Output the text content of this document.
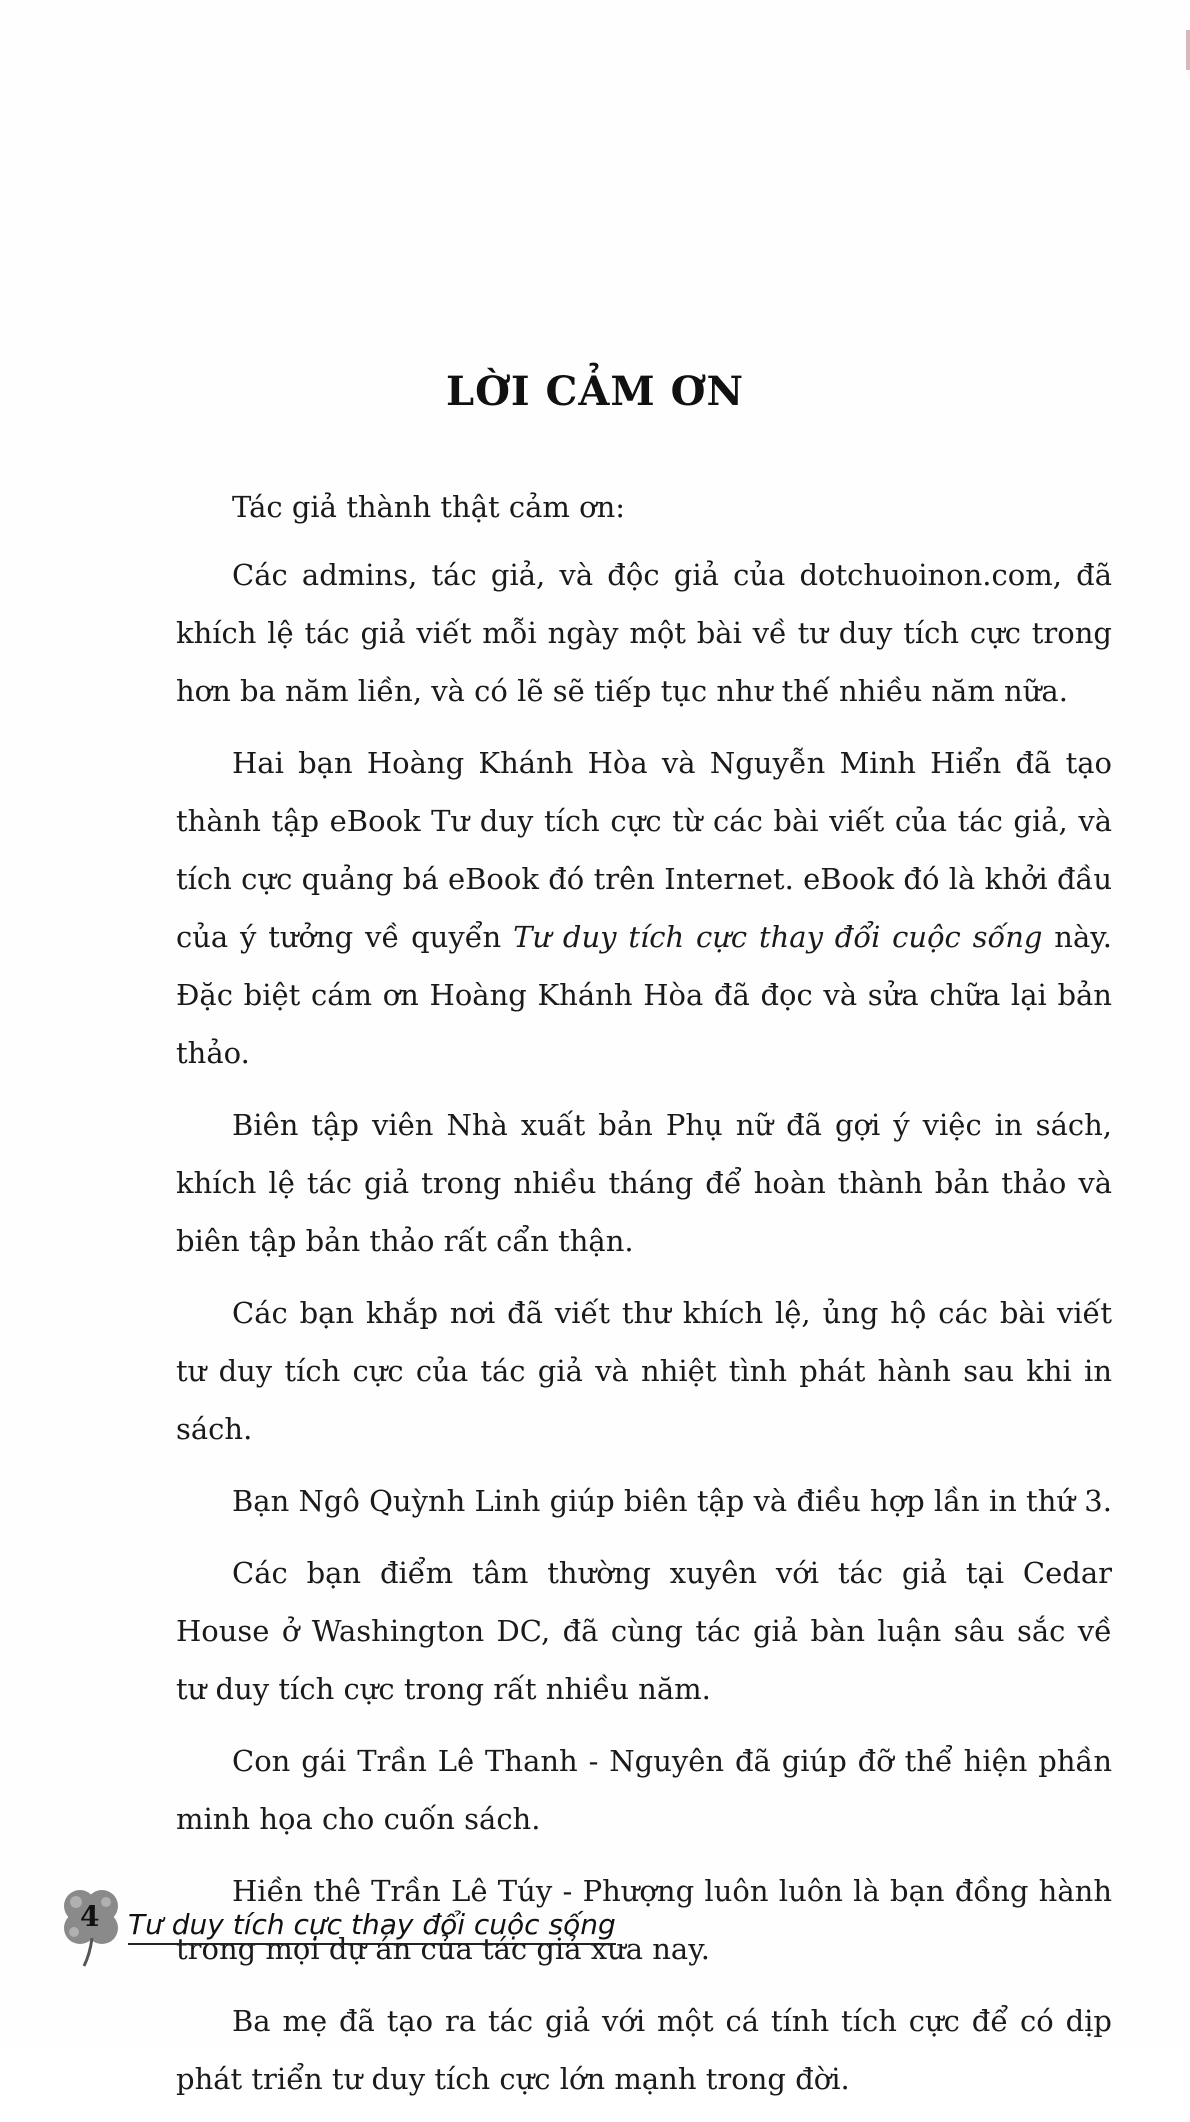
LỜI CẢM ƠN

Tác giả thành thật cảm ơn:

Các admins, tác giả, và độc giả của dotchuoinon.com, đã khích lệ tác giả viết mỗi ngày một bài về tư duy tích cực trong hơn ba năm liền, và có lẽ sẽ tiếp tục như thế nhiều năm nữa.

Hai bạn Hoàng Khánh Hòa và Nguyễn Minh Hiển đã tạo thành tập eBook Tư duy tích cực từ các bài viết của tác giả, và tích cực quảng bá eBook đó trên Internet. eBook đó là khởi đầu của ý tưởng về quyển Tư duy tích cực thay đổi cuộc sống này. Đặc biệt cám ơn Hoàng Khánh Hòa đã đọc và sửa chữa lại bản thảo.

Biên tập viên Nhà xuất bản Phụ nữ đã gợi ý việc in sách, khích lệ tác giả trong nhiều tháng để hoàn thành bản thảo và biên tập bản thảo rất cẩn thận.

Các bạn khắp nơi đã viết thư khích lệ, ủng hộ các bài viết tư duy tích cực của tác giả và nhiệt tình phát hành sau khi in sách.

Bạn Ngô Quỳnh Linh giúp biên tập và điều hợp lần in thứ 3.

Các bạn điểm tâm thường xuyên với tác giả tại Cedar House ở Washington DC, đã cùng tác giả bàn luận sâu sắc về tư duy tích cực trong rất nhiều năm.

Con gái Trần Lê Thanh - Nguyên đã giúp đỡ thể hiện phần minh họa cho cuốn sách.

Hiền thê Trần Lê Túy - Phượng luôn luôn là bạn đồng hành trong mọi dự án của tác giả xưa nay.

Ba mẹ đã tạo ra tác giả với một cá tính tích cực để có dịp phát triển tư duy tích cực lớn mạnh trong đời.

4 Tư duy tích cực thay đổi cuộc sống
